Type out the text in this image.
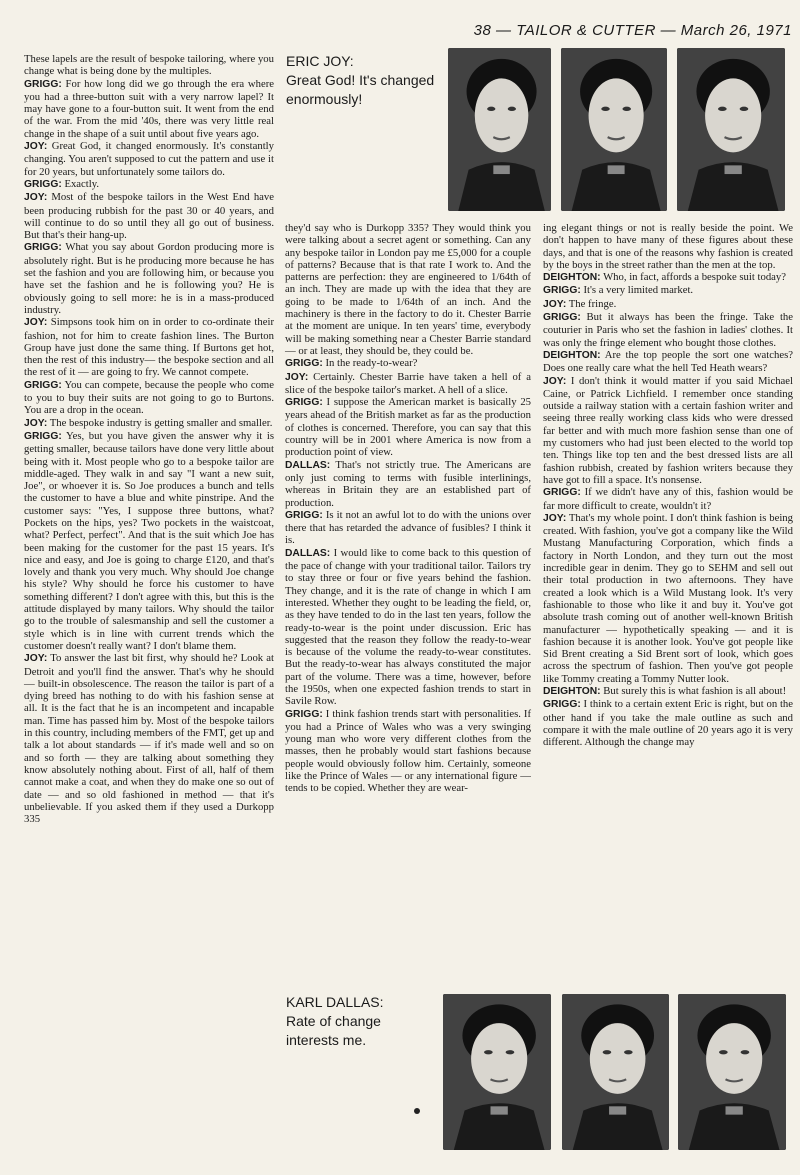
38 — TAILOR & CUTTER — March 26, 1971
ERIC JOY:
Great God! It's changed enormously!
KARL DALLAS:
Rate of change interests me.

These lapels are the result of bespoke tailoring, where you change what is being done by the multiples.

GRIGG: For how long did we go through the era where you had a three-button suit with a very narrow lapel? It may have gone to a four-button suit. It went from the end of the war. From the mid '40s, there was very little real change in the shape of a suit until about five years ago.

JOY: Great God, it changed enormously. It's constantly changing. You aren't supposed to cut the pattern and use it for 20 years, but unfortunately some tailors do.

GRIGG: Exactly.

JOY: Most of the bespoke tailors in the West End have been producing rubbish for the past 30 or 40 years, and will continue to do so until they all go out of business. But that's their hang-up.

GRIGG: What you say about Gordon producing more is absolutely right. But is he producing more because he has set the fashion and you are following him, or because you have set the fashion and he is following you? He is obviously going to sell more: he is in a mass-produced industry.

JOY: Simpsons took him on in order to co-ordinate their fashion, not for him to create fashion lines. The Burton Group have just done the same thing. If Burtons get hot, then the rest of this industry— the bespoke section and all the rest of it — are going to fry. We cannot compete.

GRIGG: You can compete, because the people who come to you to buy their suits are not going to go to Burtons. You are a drop in the ocean.

JOY: The bespoke industry is getting smaller and smaller.

GRIGG: Yes, but you have given the answer why it is getting smaller, because tailors have done very little about being with it. Most people who go to a bespoke tailor are middle-aged. They walk in and say "I want a new suit, Joe", or whoever it is. So Joe produces a bunch and tells the customer to have a blue and white pinstripe. And the customer says: "Yes, I suppose three buttons, what? Pockets on the hips, yes? Two pockets in the waistcoat, what? Perfect, perfect". And that is the suit which Joe has been making for the customer for the past 15 years. It's nice and easy, and Joe is going to charge £120, and that's lovely and thank you very much. Why should Joe change his style? Why should he force his customer to have something different? I don't agree with this, but this is the attitude displayed by many tailors. Why should the tailor go to the trouble of salesmanship and sell the customer a style which is in line with current trends which the customer doesn't really want? I don't blame them.

JOY: To answer the last bit first, why should he? Look at Detroit and you'll find the answer. That's why he should — built-in obsolescence. The reason the tailor is part of a dying breed has nothing to do with his fashion sense at all. It is the fact that he is an incompetent and incapable man. Time has passed him by. Most of the bespoke tailors in this country, including members of the FMT, get up and talk a lot about standards — if it's made well and so on and so forth — they are talking about something they know absolutely nothing about. First of all, half of them cannot make a coat, and when they do make one so out of date — and so old fashioned in method — that it's unbelievable. If you asked them if they used a Durkopp 335

they'd say who is Durkopp 335? They would think you were talking about a secret agent or something. Can any any bespoke tailor in London pay me £5,000 for a couple of patterns? Because that is that rate I work to. And the patterns are perfection: they are engineered to 1/64th of an inch. They are made up with the idea that they are going to be made to 1/64th of an inch. And the machinery is there in the factory to do it. Chester Barrie at the moment are unique. In ten years' time, everybody will be making something near a Chester Barrie standard — or at least, they should be, they could be.

GRIGG: In the ready-to-wear?

JOY: Certainly. Chester Barrie have taken a hell of a slice of the bespoke tailor's market. A hell of a slice.

GRIGG: I suppose the American market is basically 25 years ahead of the British market as far as the production of clothes is concerned. Therefore, you can say that this country will be in 2001 where America is now from a production point of view.

DALLAS: That's not strictly true. The Americans are only just coming to terms with fusible interlinings, whereas in Britain they are an established part of production.

GRIGG: Is it not an awful lot to do with the unions over there that has retarded the advance of fusibles? I think it is.

DALLAS: I would like to come back to this question of the pace of change with your traditional tailor. Tailors try to stay three or four or five years behind the fashion. They change, and it is the rate of change in which I am interested. Whether they ought to be leading the field, or, as they have tended to do in the last ten years, follow the ready-to-wear is the point under discussion. Eric has suggested that the reason they follow the ready-to-wear is because of the volume the ready-to-wear constitutes. But the ready-to-wear has always constituted the major part of the volume. There was a time, however, before the 1950s, when one expected fashion trends to start in Savile Row.

GRIGG: I think fashion trends start with personalities. If you had a Prince of Wales who was a very swinging young man who wore very different clothes from the masses, then he probably would start fashions because people would obviously follow him. Certainly, someone like the Prince of Wales — or any international figure — tends to be copied. Whether they are wear-

ing elegant things or not is really beside the point. We don't happen to have many of these figures about these days, and that is one of the reasons why fashion is created by the boys in the street rather than the men at the top.

DEIGHTON: Who, in fact, affords a bespoke suit today?

GRIGG: It's a very limited market.

JOY: The fringe.

GRIGG: But it always has been the fringe. Take the couturier in Paris who set the fashion in ladies' clothes. It was only the fringe element who bought those clothes.

DEIGHTON: Are the top people the sort one watches? Does one really care what the hell Ted Heath wears?

JOY: I don't think it would matter if you said Michael Caine, or Patrick Lichfield. I remember once standing outside a railway station with a certain fashion writer and seeing three really working class kids who were dressed far better and with much more fashion sense than one of my customers who had just been elected to the world top ten. Things like top ten and the best dressed lists are all fashion rubbish, created by fashion writers because they have got to fill a space. It's nonsense.

GRIGG: If we didn't have any of this, fashion would be far more difficult to create, wouldn't it?

JOY: That's my whole point. I don't think fashion is being created. With fashion, you've got a company like the Wild Mustang Manufacturing Corporation, which finds a factory in North London, and they turn out the most incredible gear in denim. They go to SEHM and sell out their total production in two afternoons. They have created a look which is a Wild Mustang look. It's very fashionable to those who like it and buy it. You've got absolute trash coming out of another well-known British manufacturer — hypothetically speaking — and it is fashion because it is another look. You've got people like Sid Brent creating a Sid Brent sort of look, which goes across the spectrum of fashion. Then you've got people like Tommy creating a Tommy Nutter look.

DEIGHTON: But surely this is what fashion is all about!

GRIGG: I think to a certain extent Eric is right, but on the other hand if you take the male outline as such and compare it with the male outline of 20 years ago it is very different. Although the change may
